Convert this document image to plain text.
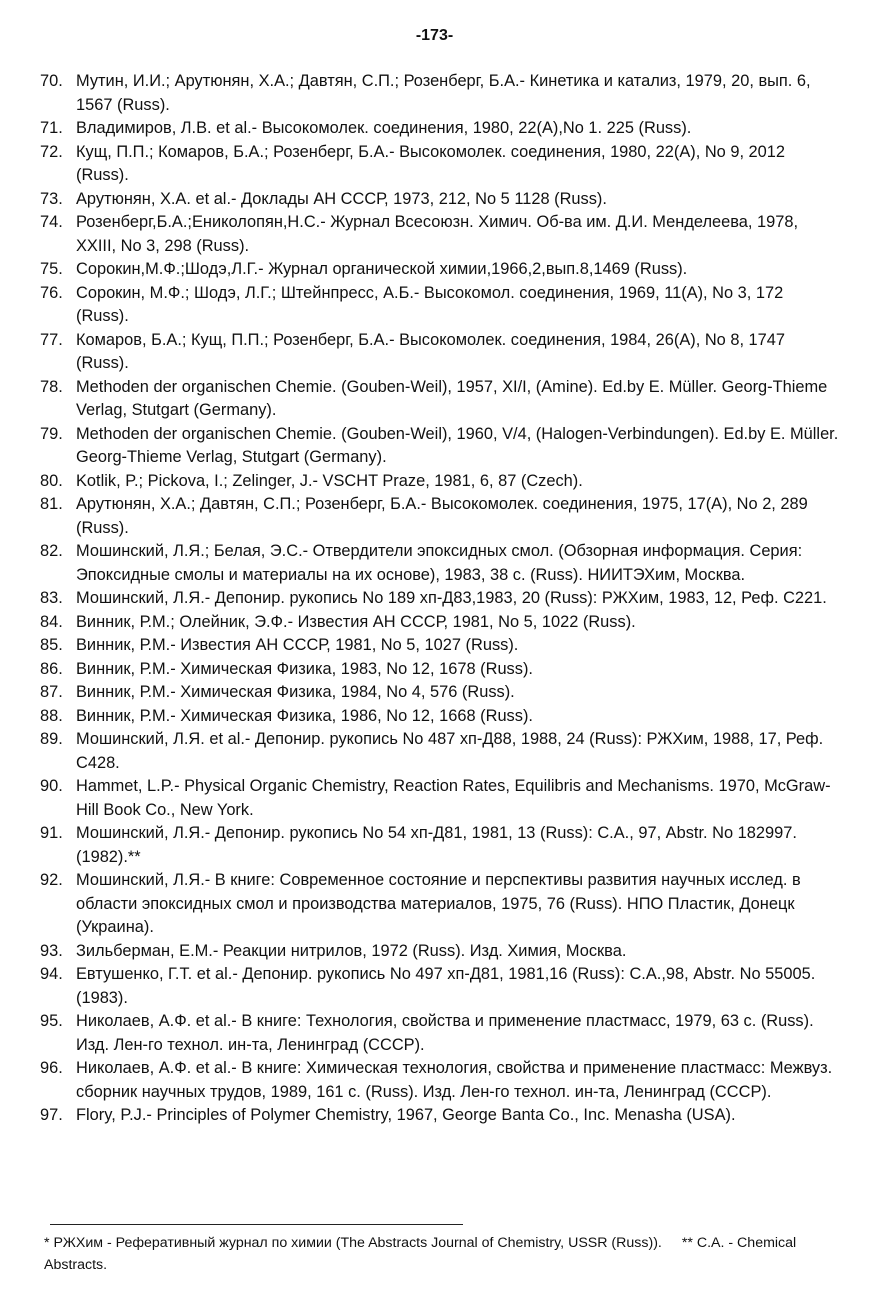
-173-

70. Мутин, И.И.; Арутюнян, Х.А.; Давтян, С.П.; Розенберг, Б.А.- Кинетика и катализ, 1979, 20, вып. 6, 1567 (Russ).

71. Владимиров, Л.В. et al.- Высокомолек. соединения, 1980, 22(А),No 1. 225 (Russ).

72. Кущ, П.П.; Комаров, Б.А.; Розенберг, Б.А.- Высокомолек. соединения, 1980, 22(А), No 9, 2012 (Russ).

73. Арутюнян, Х.А. et al.- Доклады АН СССР, 1973, 212, No 5 1128 (Russ).

74. Розенберг,Б.А.;Ениколопян,Н.С.- Журнал Всесоюзн. Химич. Об-ва им. Д.И. Менделеева, 1978, XXIII, No 3, 298 (Russ).

75. Сорокин,М.Ф.;Шодэ,Л.Г.- Журнал органической химии,1966,2,вып.8,1469 (Russ).

76. Сорокин, М.Ф.; Шодэ, Л.Г.; Штейнпресс, А.Б.- Высокомол. соединения, 1969, 11(А), No 3, 172 (Russ).

77. Комаров, Б.А.; Кущ, П.П.; Розенберг, Б.А.- Высокомолек. соединения, 1984, 26(А), No 8, 1747 (Russ).

78. Methoden der organischen Chemie. (Gouben-Weil), 1957, XI/I, (Amine). Ed.by E. Müller. Georg-Thieme Verlag, Stutgart (Germany).

79. Methoden der organischen Chemie. (Gouben-Weil), 1960, V/4, (Halogen-Verbindungen). Ed.by E. Müller. Georg-Thieme Verlag, Stutgart (Germany).

80. Kotlik, P.; Pickova, I.; Zelinger, J.- VSCHT Praze, 1981, 6, 87 (Czech).

81. Арутюнян, Х.А.; Давтян, С.П.; Розенберг, Б.А.- Высокомолек. соединения, 1975, 17(А), No 2, 289 (Russ).

82. Мошинский, Л.Я.; Белая, Э.С.- Отвердители эпоксидных смол. (Обзорная информация. Серия: Эпоксидные смолы и материалы на их основе), 1983, 38 с. (Russ). НИИТЭХим, Москва.

83. Мошинский, Л.Я.- Депонир. рукопись No 189 хп-Д83,1983, 20 (Russ): РЖХим, 1983, 12, Реф. С221.

84. Винник, Р.М.; Олейник, Э.Ф.- Известия АН СССР, 1981, No 5, 1022 (Russ).

85. Винник, Р.М.- Известия АН СССР, 1981, No 5, 1027 (Russ).

86. Винник, Р.М.- Химическая Физика, 1983, No 12, 1678 (Russ).

87. Винник, Р.М.- Химическая Физика, 1984, No 4, 576 (Russ).

88. Винник, Р.М.- Химическая Физика, 1986, No 12, 1668 (Russ).

89. Мошинский, Л.Я. et al.- Депонир. рукопись No 487 хп-Д88, 1988, 24 (Russ): РЖХим, 1988, 17, Реф. С428.

90. Hammet, L.P.- Physical Organic Chemistry, Reaction Rates, Equilibris and Mechanisms. 1970, McGraw-Hill Book Co., New York.

91. Мошинский, Л.Я.- Депонир. рукопись No 54 хп-Д81, 1981, 13 (Russ): С.А., 97, Abstr. No 182997. (1982).**

92. Мошинский, Л.Я.- В книге: Современное состояние и перспективы развития научных исслед. в области эпоксидных смол и производства материалов, 1975, 76 (Russ). НПО Пластик, Донецк (Украина).

93. Зильберман, Е.М.- Реакции нитрилов, 1972 (Russ). Изд. Химия, Москва.

94. Евтушенко, Г.Т. et al.- Депонир. рукопись No 497 хп-Д81, 1981,16 (Russ): С.А.,98, Abstr. No 55005. (1983).

95. Николаев, А.Ф. et al.- В книге: Технология, свойства и применение пластмасс, 1979, 63 с. (Russ). Изд. Лен-го технол. ин-та, Ленинград (СССР).

96. Николаев, А.Ф. et al.- В книге: Химическая технология, свойства и применение пластмасс: Межвуз. сборник научных трудов, 1989, 161 с. (Russ). Изд. Лен-го технол. ин-та, Ленинград (СССР).

97. Flory, P.J.- Principles of Polymer Chemistry, 1967, George Banta Co., Inc. Menasha (USA).

* РЖХим - Реферативный журнал по химии (The Abstracts Journal of Chemistry, USSR (Russ)). ** С.А. - Chemical Abstracts.
